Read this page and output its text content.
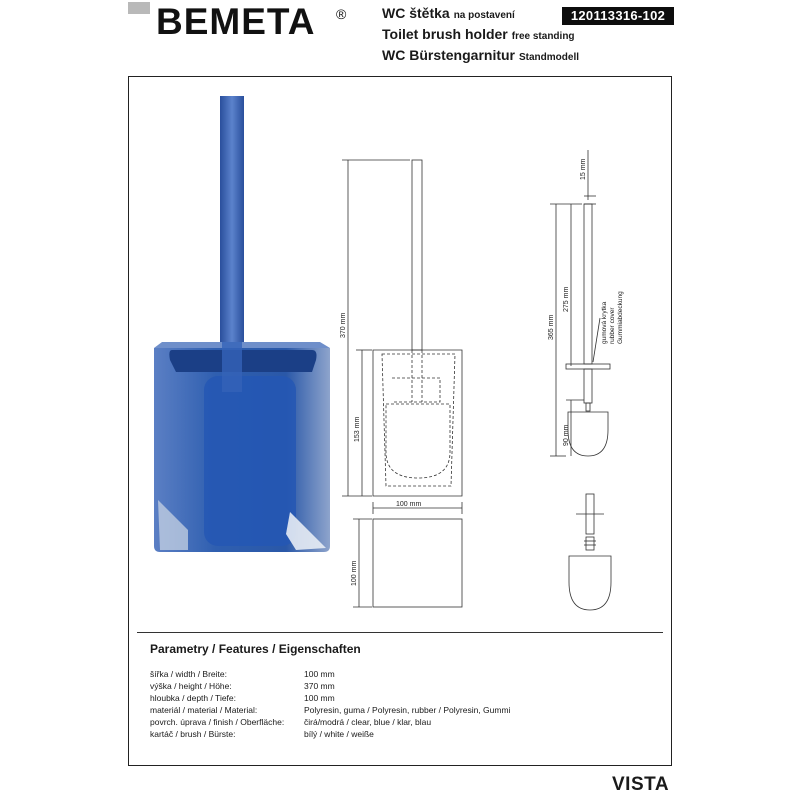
BEMETA ®	WC štětka na postavení
Toilet brush holder free standing
WC Bürstengarnitur Standmodell
120113316-102
370 mm
153 mm
100 mm
100 mm
15 mm
365 mm
275 mm
90 mm
gumová krytka rubber cover Gummiabdeckung
Parametry / Features / Eigenschaften
šířka / width / Breite:	100 mm
výška / height / Höhe:	370 mm
hloubka / depth / Tiefe:	100 mm
materiál / material / Material:	Polyresin, guma / Polyresin, rubber / Polyresin, Gummi
povrch. úprava / finish / Oberfläche: čirá/modrá / clear, blue / klar, blau
kartáč / brush / Bürste:	bílý / white / weiße
VISTA
